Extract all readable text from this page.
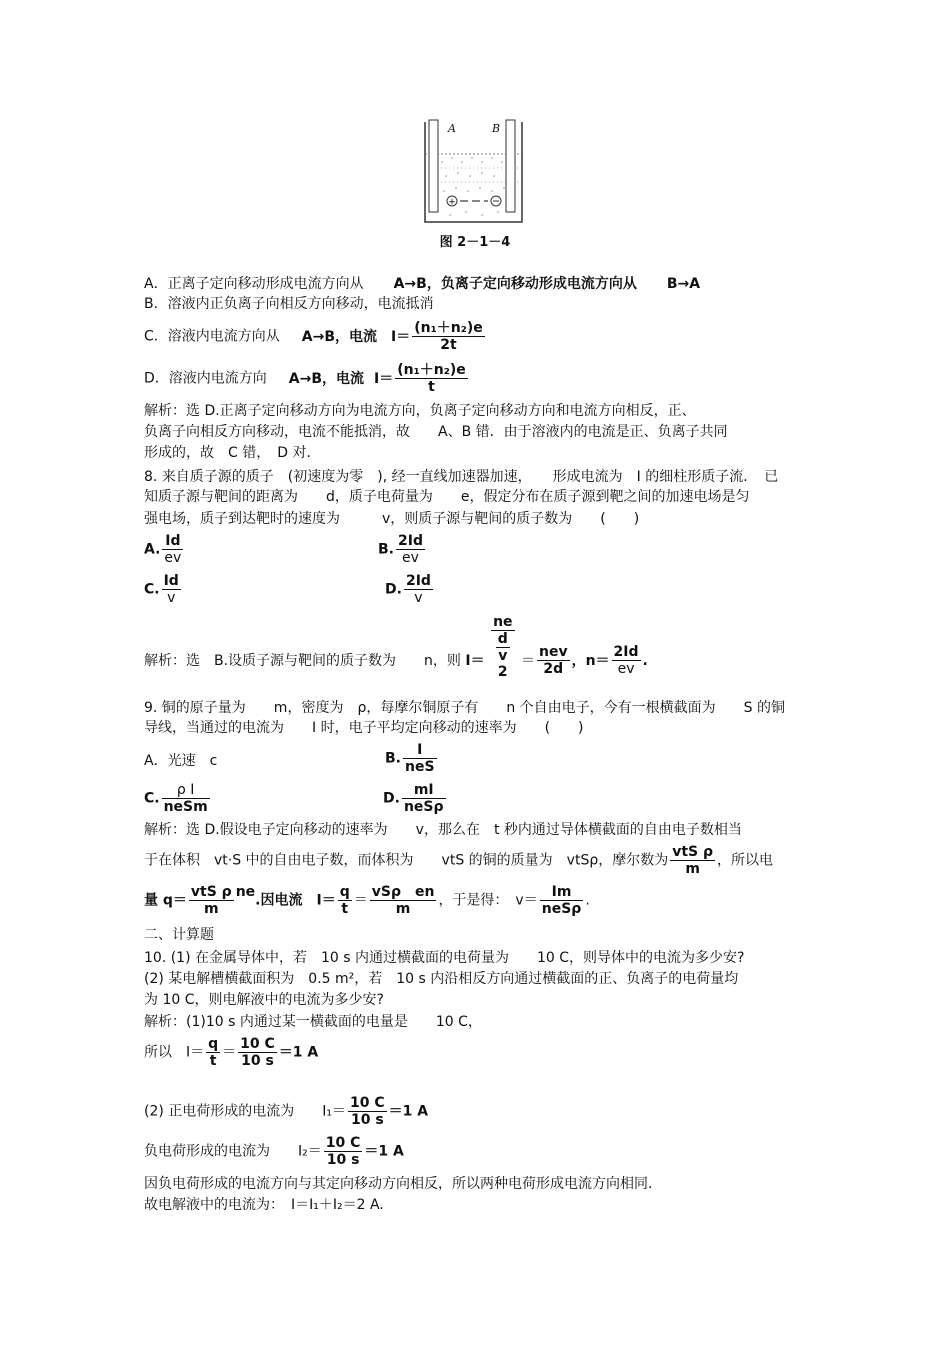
+
A	B
图 2－1－4
A．正离子定向移动形成电流方向从 A→B，负离子定向移动形成电流方向从 B→A
B．溶液内正负离子向相反方向移动，电流抵消
C．溶液内电流方向从 A→B，电流 $I= \frac{\text{(n₁＋n₂)e}}{2t}$
D．溶液内电流方向 A→B，电流 $I= \frac{\text{(n₁＋n₂)e}}{t}$
解析：选 D.正离子定向移动方向为电流方向，负离子定向移动方向和电流方向相反，正、
负离子向相反方向移动，电流不能抵消，故　　A、B 错．由于溶液内的电流是正、负离子共同
形成的，故　C 错，　D 对．
8. 来自质子源的质子　(初速度为零　), 经一直线加速器加速，　　形成电流为　I 的细柱形质子流．　已
知质子源与靶间的距离为　　d，质子电荷量为　　e，假定分布在质子源到靶之间的加速电场是匀
强电场，质子到达靶时的速度为　　　v，则质子源与靶间的质子数为　　(　　)
A. $\frac{Id}{ev}$	B. $\frac{2Id}{ev}$
C. $\frac{Id}{v}$	D. $\frac{2Id}{v}$
解析：选　B.设质子源与靶间的质子数为　　n，则 I＝ ne
$\frac{d}{v}$
$2 = \frac{\text{nev}}{2d}$ ，$n= \frac{2Id}{ev}$ .
9. 铜的原子量为　　m，密度为　ρ，每摩尔铜原子有　　n 个自由电子，今有一根横截面为　　S 的铜
导线，当通过的电流为　　I 时，电子平均定向移动的速率为　　(　　)
A．光速　c	B. $\frac{I}{\text{neS}}$
C. $\frac{\text{ρ I}}{\text{neSm}}$	D. $\frac{mI}{\text{neSρ}}$
解析：选 D.假设电子定向移动的速率为　　v，那么在　t 秒内通过导体横截面的自由电子数相当
于在体积　vt·S 中的自由电子数，而体积为　　vtS 的铜的质量为　vtSρ，摩尔数为 $\frac{\text{vtS ρ}}{m}$ ，所以电
量 $q= \frac{\text{vtS ρ}}{m}$ ne.因电流　$I= \frac{q}{t} = \frac{\text{vSρ　en}}{m}$ ，于是得：　$v= \frac{Im}{\text{neSρ}}$ .
二、计算题
10. (1) 在金属导体中，若　10 s 内通过横截面的电荷量为　　10 C，则导体中的电流为多少安?
(2) 某电解槽横截面积为　0.5 m²，若　10 s 内沿相反方向通过横截面的正、负离子的电荷量均
为 10 C，则电解液中的电流为多少安?
解析：(1)10 s 内通过某一横截面的电量是　　10 C，
所以　$I= \frac{q}{t} = \frac{10 C}{10 s} =1$ A
(2) 正电荷形成的电流为　　$I_1= \frac{10 C}{10 s} =1$ A
负电荷形成的电流为　　$I_2= \frac{10 C}{10 s} =1$ A
因负电荷形成的电流方向与其定向移动方向相反，所以两种电荷形成电流方向相同．
故电解液中的电流为：　I＝I₁＋I₂＝2 A.
